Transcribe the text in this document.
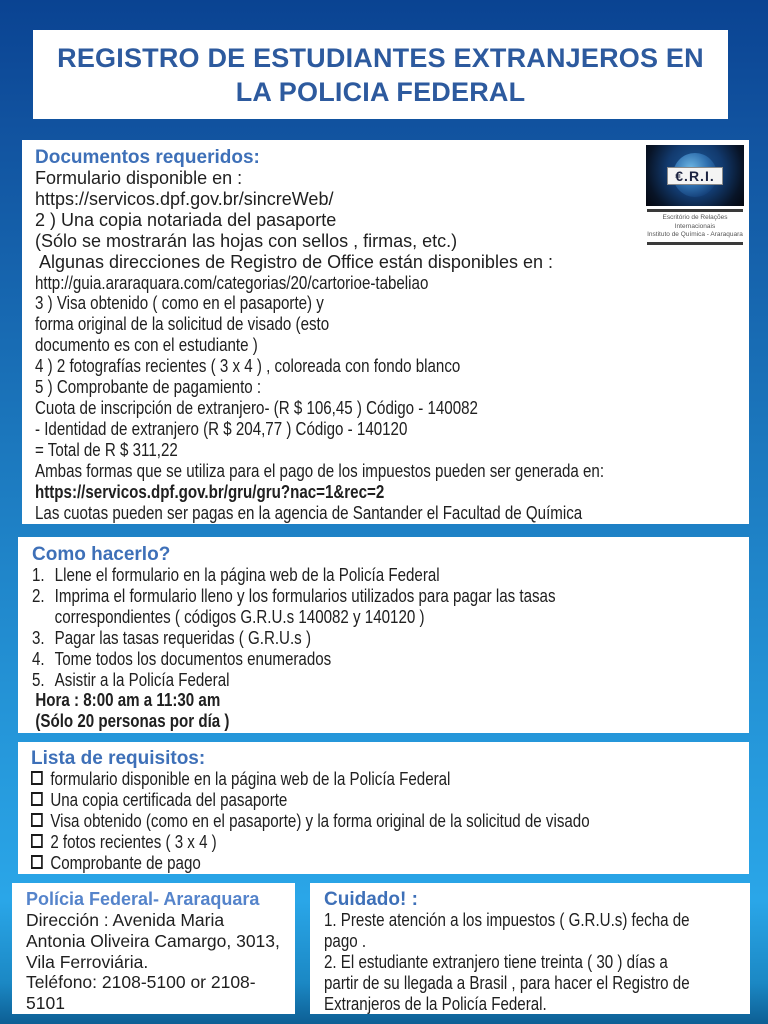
REGISTRO DE ESTUDIANTES EXTRANJEROS EN LA POLICIA FEDERAL
€.R.I.
Escritório de Relações
Internacionais
Instituto de Química - Araraquara
Documentos requeridos:
Formulario disponible en :
https://servicos.dpf.gov.br/sincreWeb/
2 ) Una copia notariada del pasaporte
(Sólo se mostrarán las hojas con sellos , firmas, etc.)
Algunas direcciones de Registro de Office están disponibles en :
http://guia.araraquara.com/categorias/20/cartorioe-tabeliao
3 ) Visa obtenido ( como en el pasaporte) y
forma original de la solicitud de visado (esto
documento es con el estudiante )
4 ) 2 fotografías recientes ( 3 x 4 ) , coloreada con fondo blanco
5 ) Comprobante de pagamiento :
Cuota de inscripción de extranjero- (R $ 106,45 ) Código - 140082
- Identidad de extranjero (R $ 204,77 ) Código - 140120
= Total de R $ 311,22
Ambas formas que se utiliza para el pago de los impuestos pueden ser generada en:
https://servicos.dpf.gov.br/gru/gru?nac=1&rec=2
Las cuotas pueden ser pagas en la agencia de Santander el Facultad de Química
Como hacerlo?
1. Llene el formulario en la página web de la Policía Federal
2. Imprima el formulario lleno y los formularios utilizados para pagar las tasas
correspondientes ( códigos G.R.U.s 140082 y 140120 )
3. Pagar las tasas requeridas ( G.R.U.s )
4. Tome todos los documentos enumerados
5. Asistir a la Policía Federal
Hora : 8:00 am a 11:30 am
(Sólo 20 personas por día )
Lista de requisitos:
formulario disponible en la página web de la Policía Federal
Una copia certificada del pasaporte
Visa obtenido (como en el pasaporte) y la forma original de la solicitud de visado
2 fotos recientes ( 3 x 4 )
Comprobante de pago
Polícia Federal- Araraquara
Dirección : Avenida Maria
Antonia Oliveira Camargo, 3013,
Vila Ferroviária.
Teléfono: 2108-5100 or 2108-
5101
Cuidado! :
1. Preste atención a los impuestos ( G.R.U.s) fecha de
pago .
2. El estudiante extranjero tiene treinta ( 30 ) días a
partir de su llegada a Brasil , para hacer el Registro de
Extranjeros de la Policía Federal.
